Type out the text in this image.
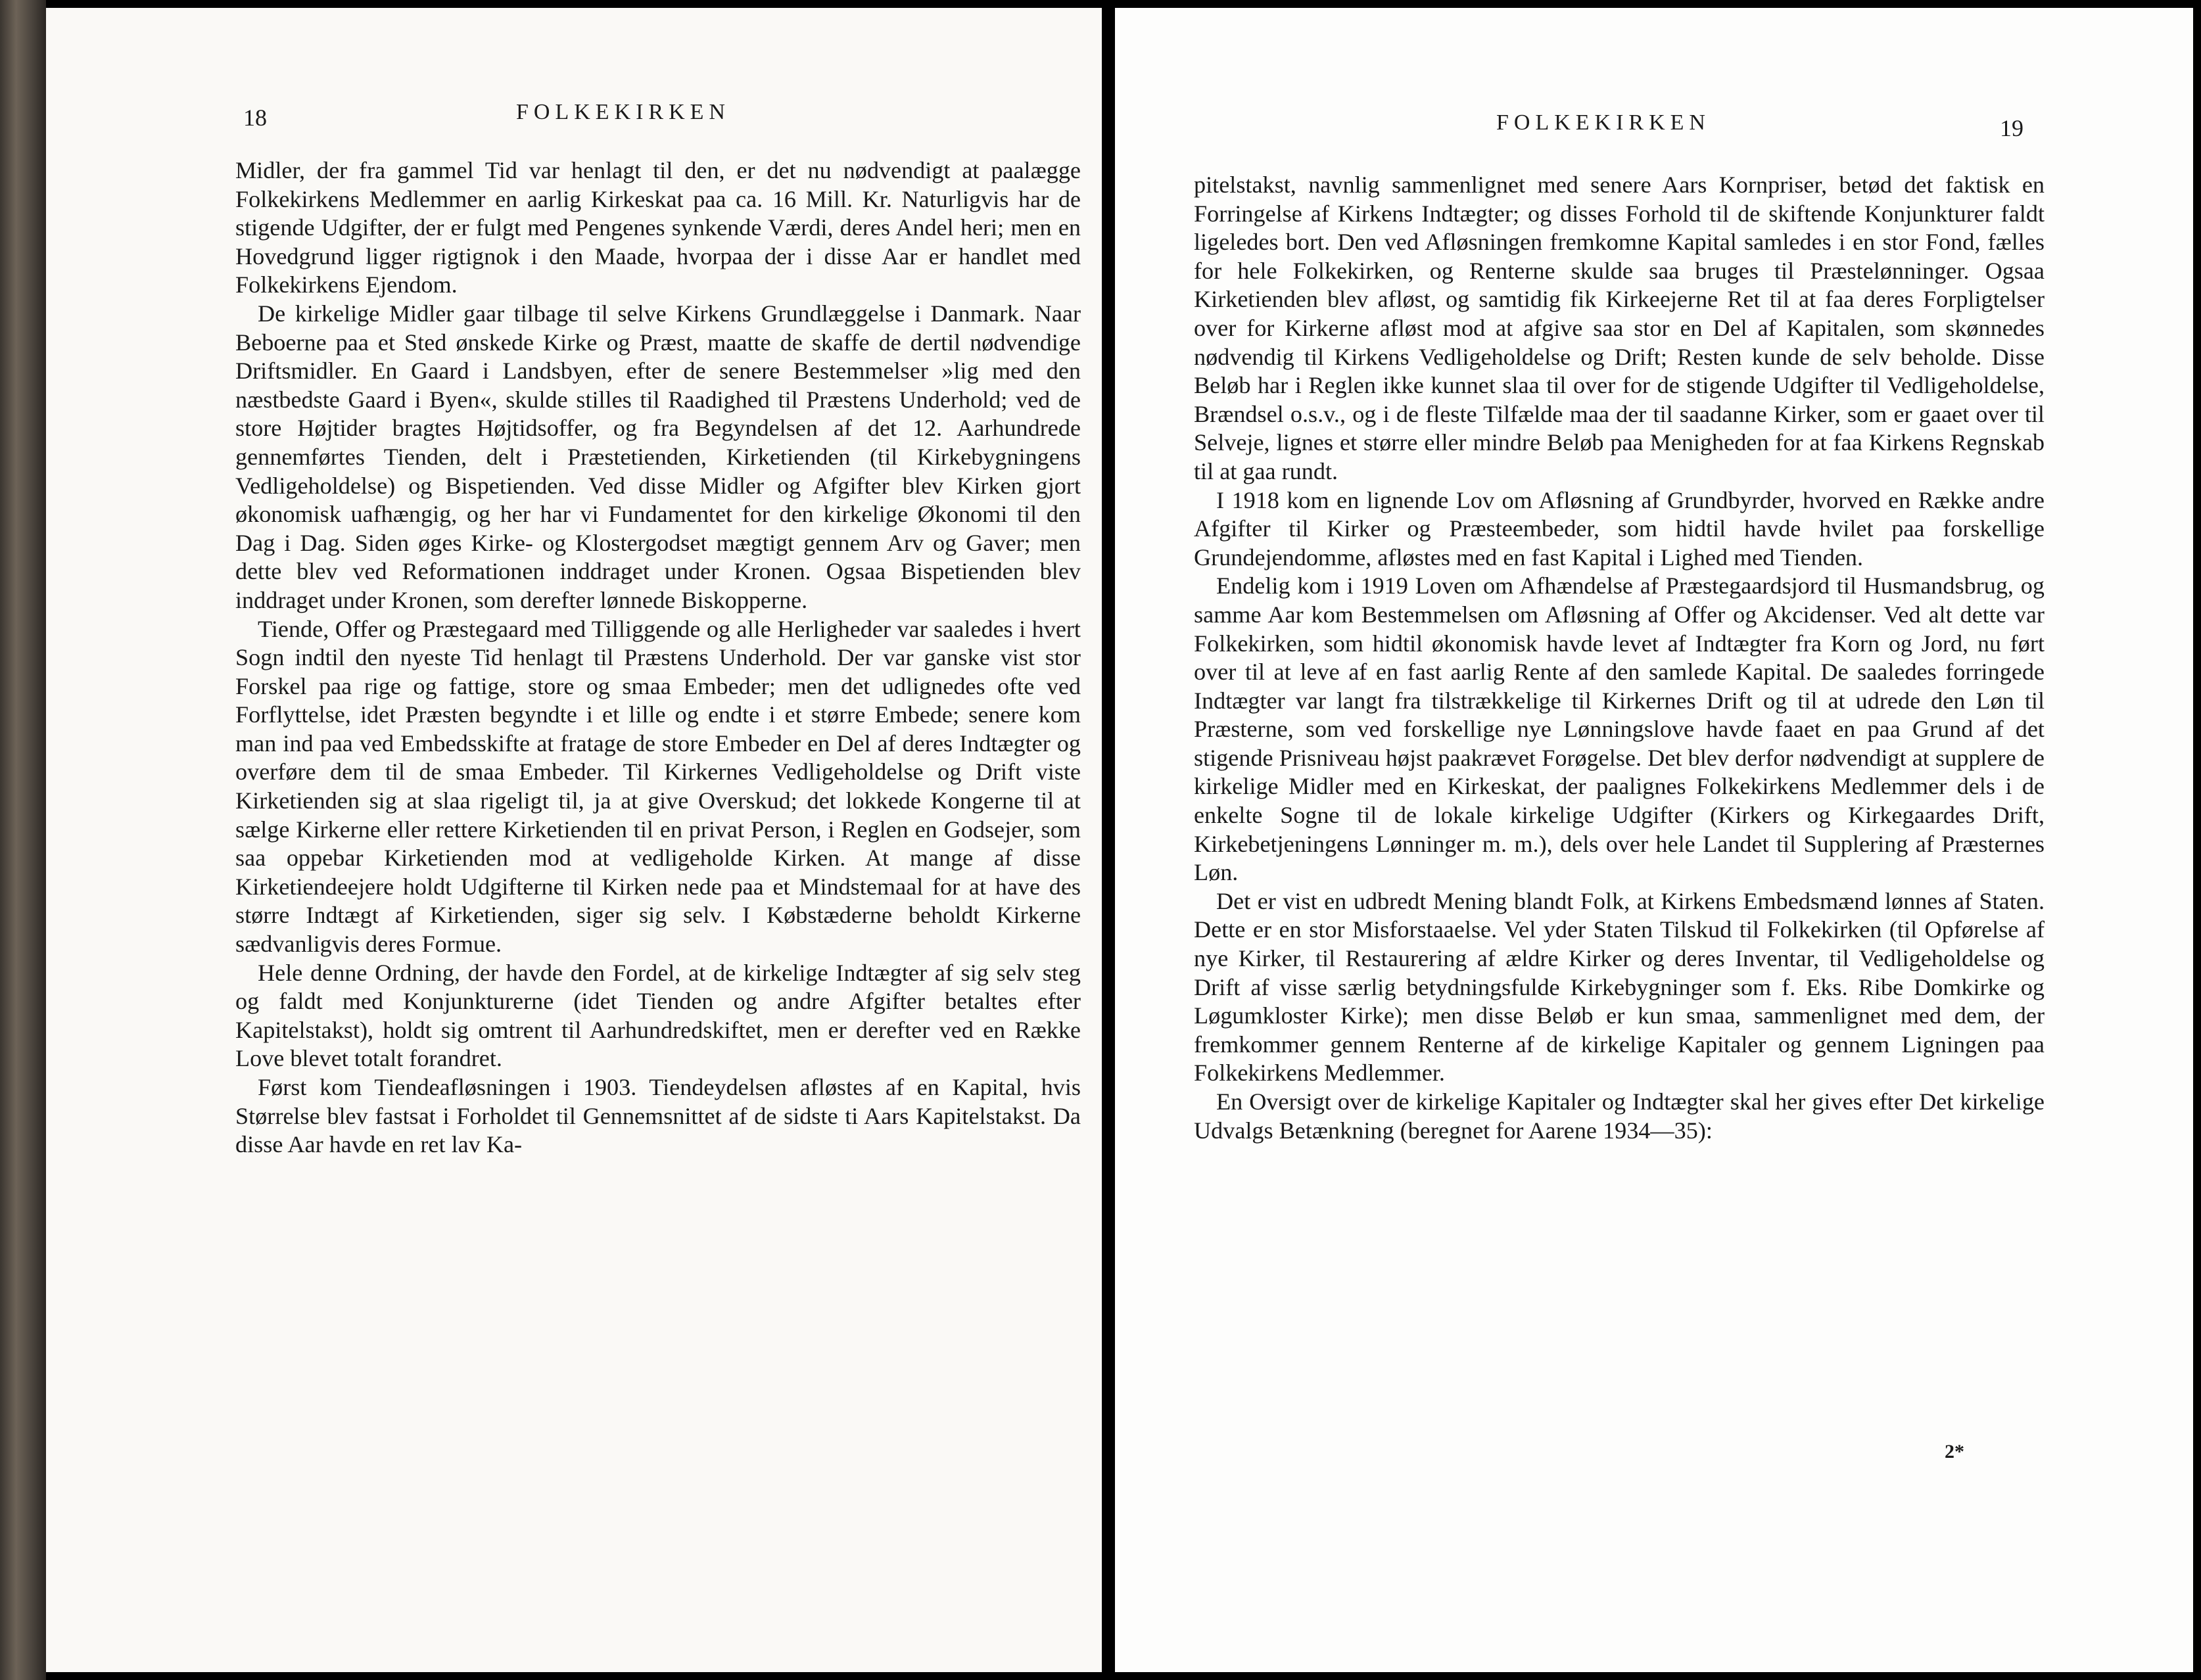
18	FOLKEKIRKEN

Midler, der fra gammel Tid var henlagt til den, er det nu nødvendigt at paalægge Folkekirkens Medlemmer en aarlig Kirkeskat paa ca. 16 Mill. Kr. Naturligvis har de stigende Udgifter, der er fulgt med Pengenes synkende Værdi, deres Andel heri; men en Hovedgrund ligger rigtignok i den Maade, hvorpaa der i disse Aar er handlet med Folkekirkens Ejendom.

De kirkelige Midler gaar tilbage til selve Kirkens Grundlæggelse i Danmark. Naar Beboerne paa et Sted ønskede Kirke og Præst, maatte de skaffe de dertil nødvendige Driftsmidler. En Gaard i Landsbyen, efter de senere Bestemmelser »lig med den næstbedste Gaard i Byen«, skulde stilles til Raadighed til Præstens Underhold; ved de store Højtider bragtes Højtidsoffer, og fra Begyndelsen af det 12. Aarhundrede gennemførtes Tienden, delt i Præstetienden, Kirketienden (til Kirkebygningens Vedligeholdelse) og Bispetienden. Ved disse Midler og Afgifter blev Kirken gjort økonomisk uafhængig, og her har vi Fundamentet for den kirkelige Økonomi til den Dag i Dag. Siden øges Kirke- og Klostergodset mægtigt gennem Arv og Gaver; men dette blev ved Reformationen inddraget under Kronen. Ogsaa Bispetienden blev inddraget under Kronen, som derefter lønnede Biskopperne.

Tiende, Offer og Præstegaard med Tilliggende og alle Herligheder var saaledes i hvert Sogn indtil den nyeste Tid henlagt til Præstens Underhold. Der var ganske vist stor Forskel paa rige og fattige, store og smaa Embeder; men det udlignedes ofte ved Forflyttelse, idet Præsten begyndte i et lille og endte i et større Embede; senere kom man ind paa ved Embedsskifte at fratage de store Embeder en Del af deres Indtægter og overføre dem til de smaa Embeder. Til Kirkernes Vedligeholdelse og Drift viste Kirketienden sig at slaa rigeligt til, ja at give Overskud; det lokkede Kongerne til at sælge Kirkerne eller rettere Kirketienden til en privat Person, i Reglen en Godsejer, som saa oppebar Kirketienden mod at vedligeholde Kirken. At mange af disse Kirketiendeejere holdt Udgifterne til Kirken nede paa et Mindstemaal for at have des større Indtægt af Kirketienden, siger sig selv. I Købstæderne beholdt Kirkerne sædvanligvis deres Formue.

Hele denne Ordning, der havde den Fordel, at de kirkelige Indtægter af sig selv steg og faldt med Konjunkturerne (idet Tienden og andre Afgifter betaltes efter Kapitelstakst), holdt sig omtrent til Aarhundredskiftet, men er derefter ved en Række Love blevet totalt forandret.

Først kom Tiendeafløsningen i 1903. Tiendeydelsen afløstes af en Kapital, hvis Størrelse blev fastsat i Forholdet til Gennemsnittet af de sidste ti Aars Kapitelstakst. Da disse Aar havde en ret lav Ka-

FOLKEKIRKEN	19

pitelstakst, navnlig sammenlignet med senere Aars Kornpriser, betød det faktisk en Forringelse af Kirkens Indtægter; og disses Forhold til de skiftende Konjunkturer faldt ligeledes bort. Den ved Afløsningen fremkomne Kapital samledes i en stor Fond, fælles for hele Folkekirken, og Renterne skulde saa bruges til Præstelønninger. Ogsaa Kirketienden blev afløst, og samtidig fik Kirkeejerne Ret til at faa deres Forpligtelser over for Kirkerne afløst mod at afgive saa stor en Del af Kapitalen, som skønnedes nødvendig til Kirkens Vedligeholdelse og Drift; Resten kunde de selv beholde. Disse Beløb har i Reglen ikke kunnet slaa til over for de stigende Udgifter til Vedligeholdelse, Brændsel o.s.v., og i de fleste Tilfælde maa der til saadanne Kirker, som er gaaet over til Selveje, lignes et større eller mindre Beløb paa Menigheden for at faa Kirkens Regnskab til at gaa rundt.

I 1918 kom en lignende Lov om Afløsning af Grundbyrder, hvorved en Række andre Afgifter til Kirker og Præsteembeder, som hidtil havde hvilet paa forskellige Grundejendomme, afløstes med en fast Kapital i Lighed med Tienden.

Endelig kom i 1919 Loven om Afhændelse af Præstegaardsjord til Husmandsbrug, og samme Aar kom Bestemmelsen om Afløsning af Offer og Akcidenser. Ved alt dette var Folkekirken, som hidtil økonomisk havde levet af Indtægter fra Korn og Jord, nu ført over til at leve af en fast aarlig Rente af den samlede Kapital. De saaledes forringede Indtægter var langt fra tilstrækkelige til Kirkernes Drift og til at udrede den Løn til Præsterne, som ved forskellige nye Lønningslove havde faaet en paa Grund af det stigende Prisniveau højst paakrævet Forøgelse. Det blev derfor nødvendigt at supplere de kirkelige Midler med en Kirkeskat, der paalignes Folkekirkens Medlemmer dels i de enkelte Sogne til de lokale kirkelige Udgifter (Kirkers og Kirkegaardes Drift, Kirkebetjeningens Lønninger m. m.), dels over hele Landet til Supplering af Præsternes Løn.

Det er vist en udbredt Mening blandt Folk, at Kirkens Embedsmænd lønnes af Staten. Dette er en stor Misforstaaelse. Vel yder Staten Tilskud til Folkekirken (til Opførelse af nye Kirker, til Restaurering af ældre Kirker og deres Inventar, til Vedligeholdelse og Drift af visse særlig betydningsfulde Kirkebygninger som f. Eks. Ribe Domkirke og Løgumkloster Kirke); men disse Beløb er kun smaa, sammenlignet med dem, der fremkommer gennem Renterne af de kirkelige Kapitaler og gennem Ligningen paa Folkekirkens Medlemmer.

En Oversigt over de kirkelige Kapitaler og Indtægter skal her gives efter Det kirkelige Udvalgs Betænkning (beregnet for Aarene 1934—35):

2*
